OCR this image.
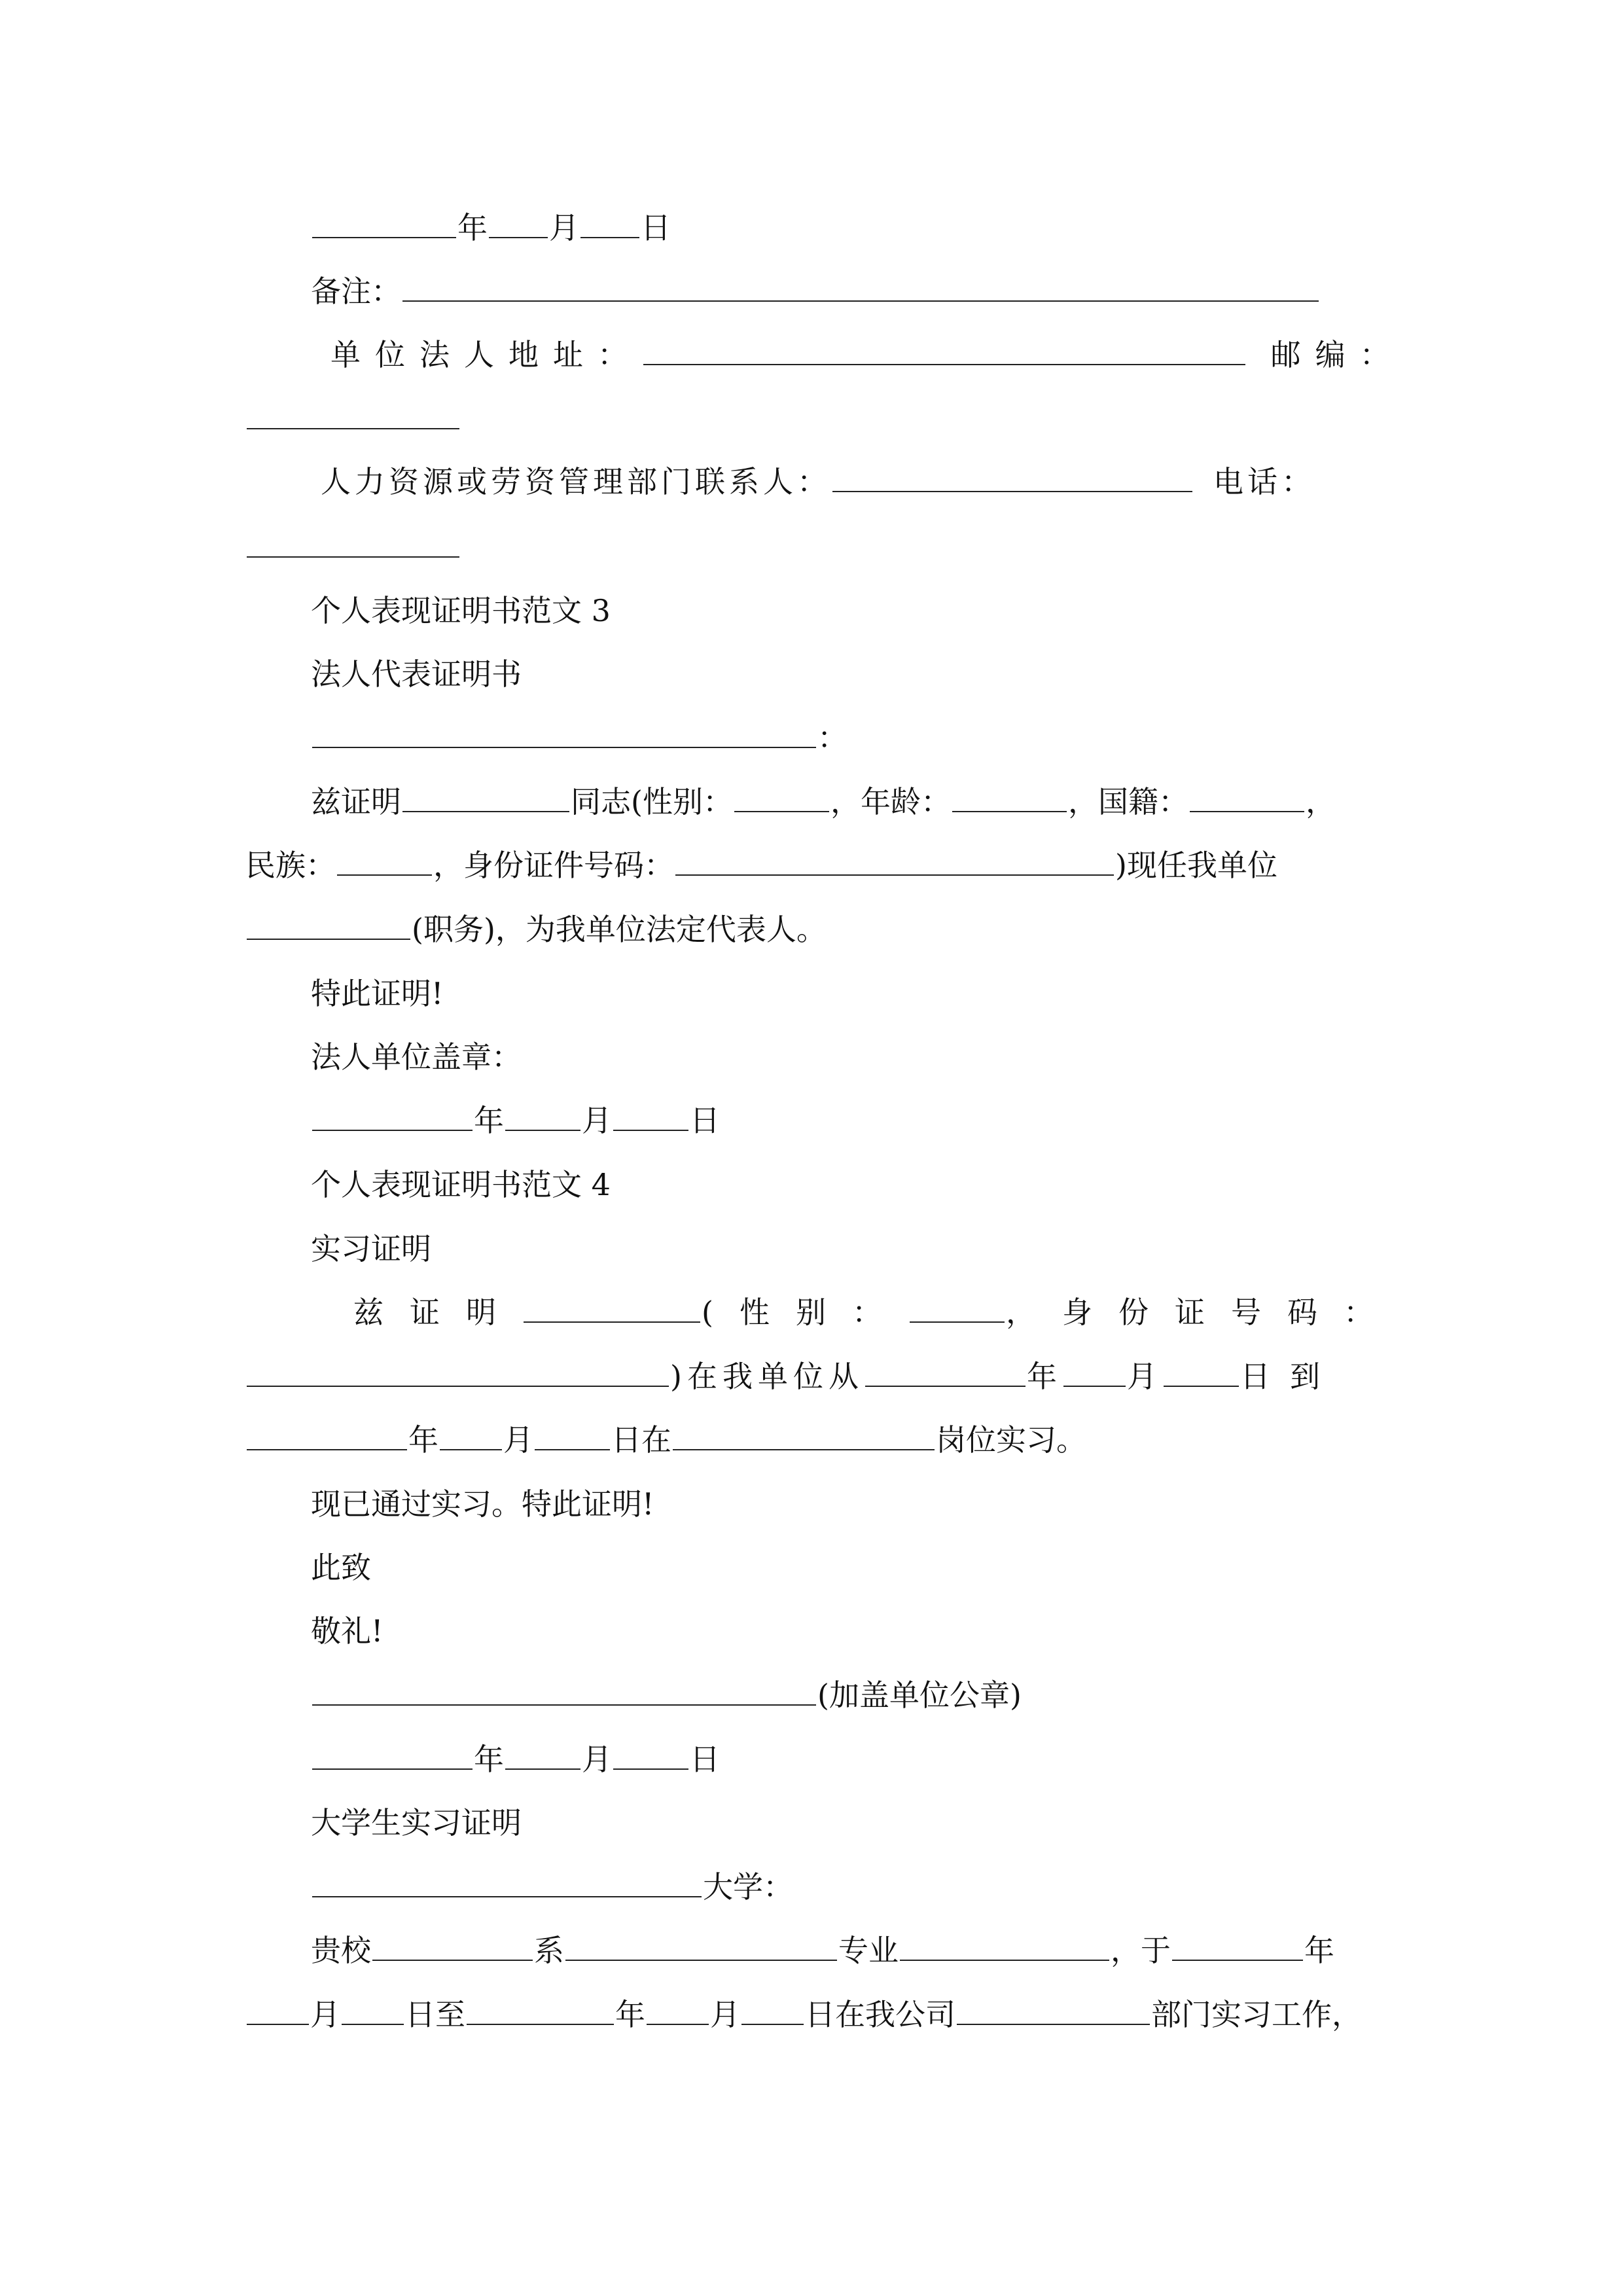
年 月 日
备注：
单位法人地址：	邮编：
人力资源或劳资管理部门联系人：	电话：
个人表现证明书范文 3
法人代表证明书
：
兹证明	同志(性别：	，年龄：	，国籍：	，
民族：	，身份证件号码：	)现任我单位
(职务)，为我单位法定代表人。
特此证明!
法人单位盖章：
年	月	日
个人表现证明书范文 4
实习证明
兹证明	(性别：	，身份证号码：
)在我单位从	年 月	日到
年 月	日在	岗位实习。
现已通过实习。特此证明!
此致
敬礼!
(加盖单位公章)
年	月	日
大学生实习证明
大学：
贵校	系	专业	，于	年
月 日至	年 月 日在我公司	部门实习工作，
